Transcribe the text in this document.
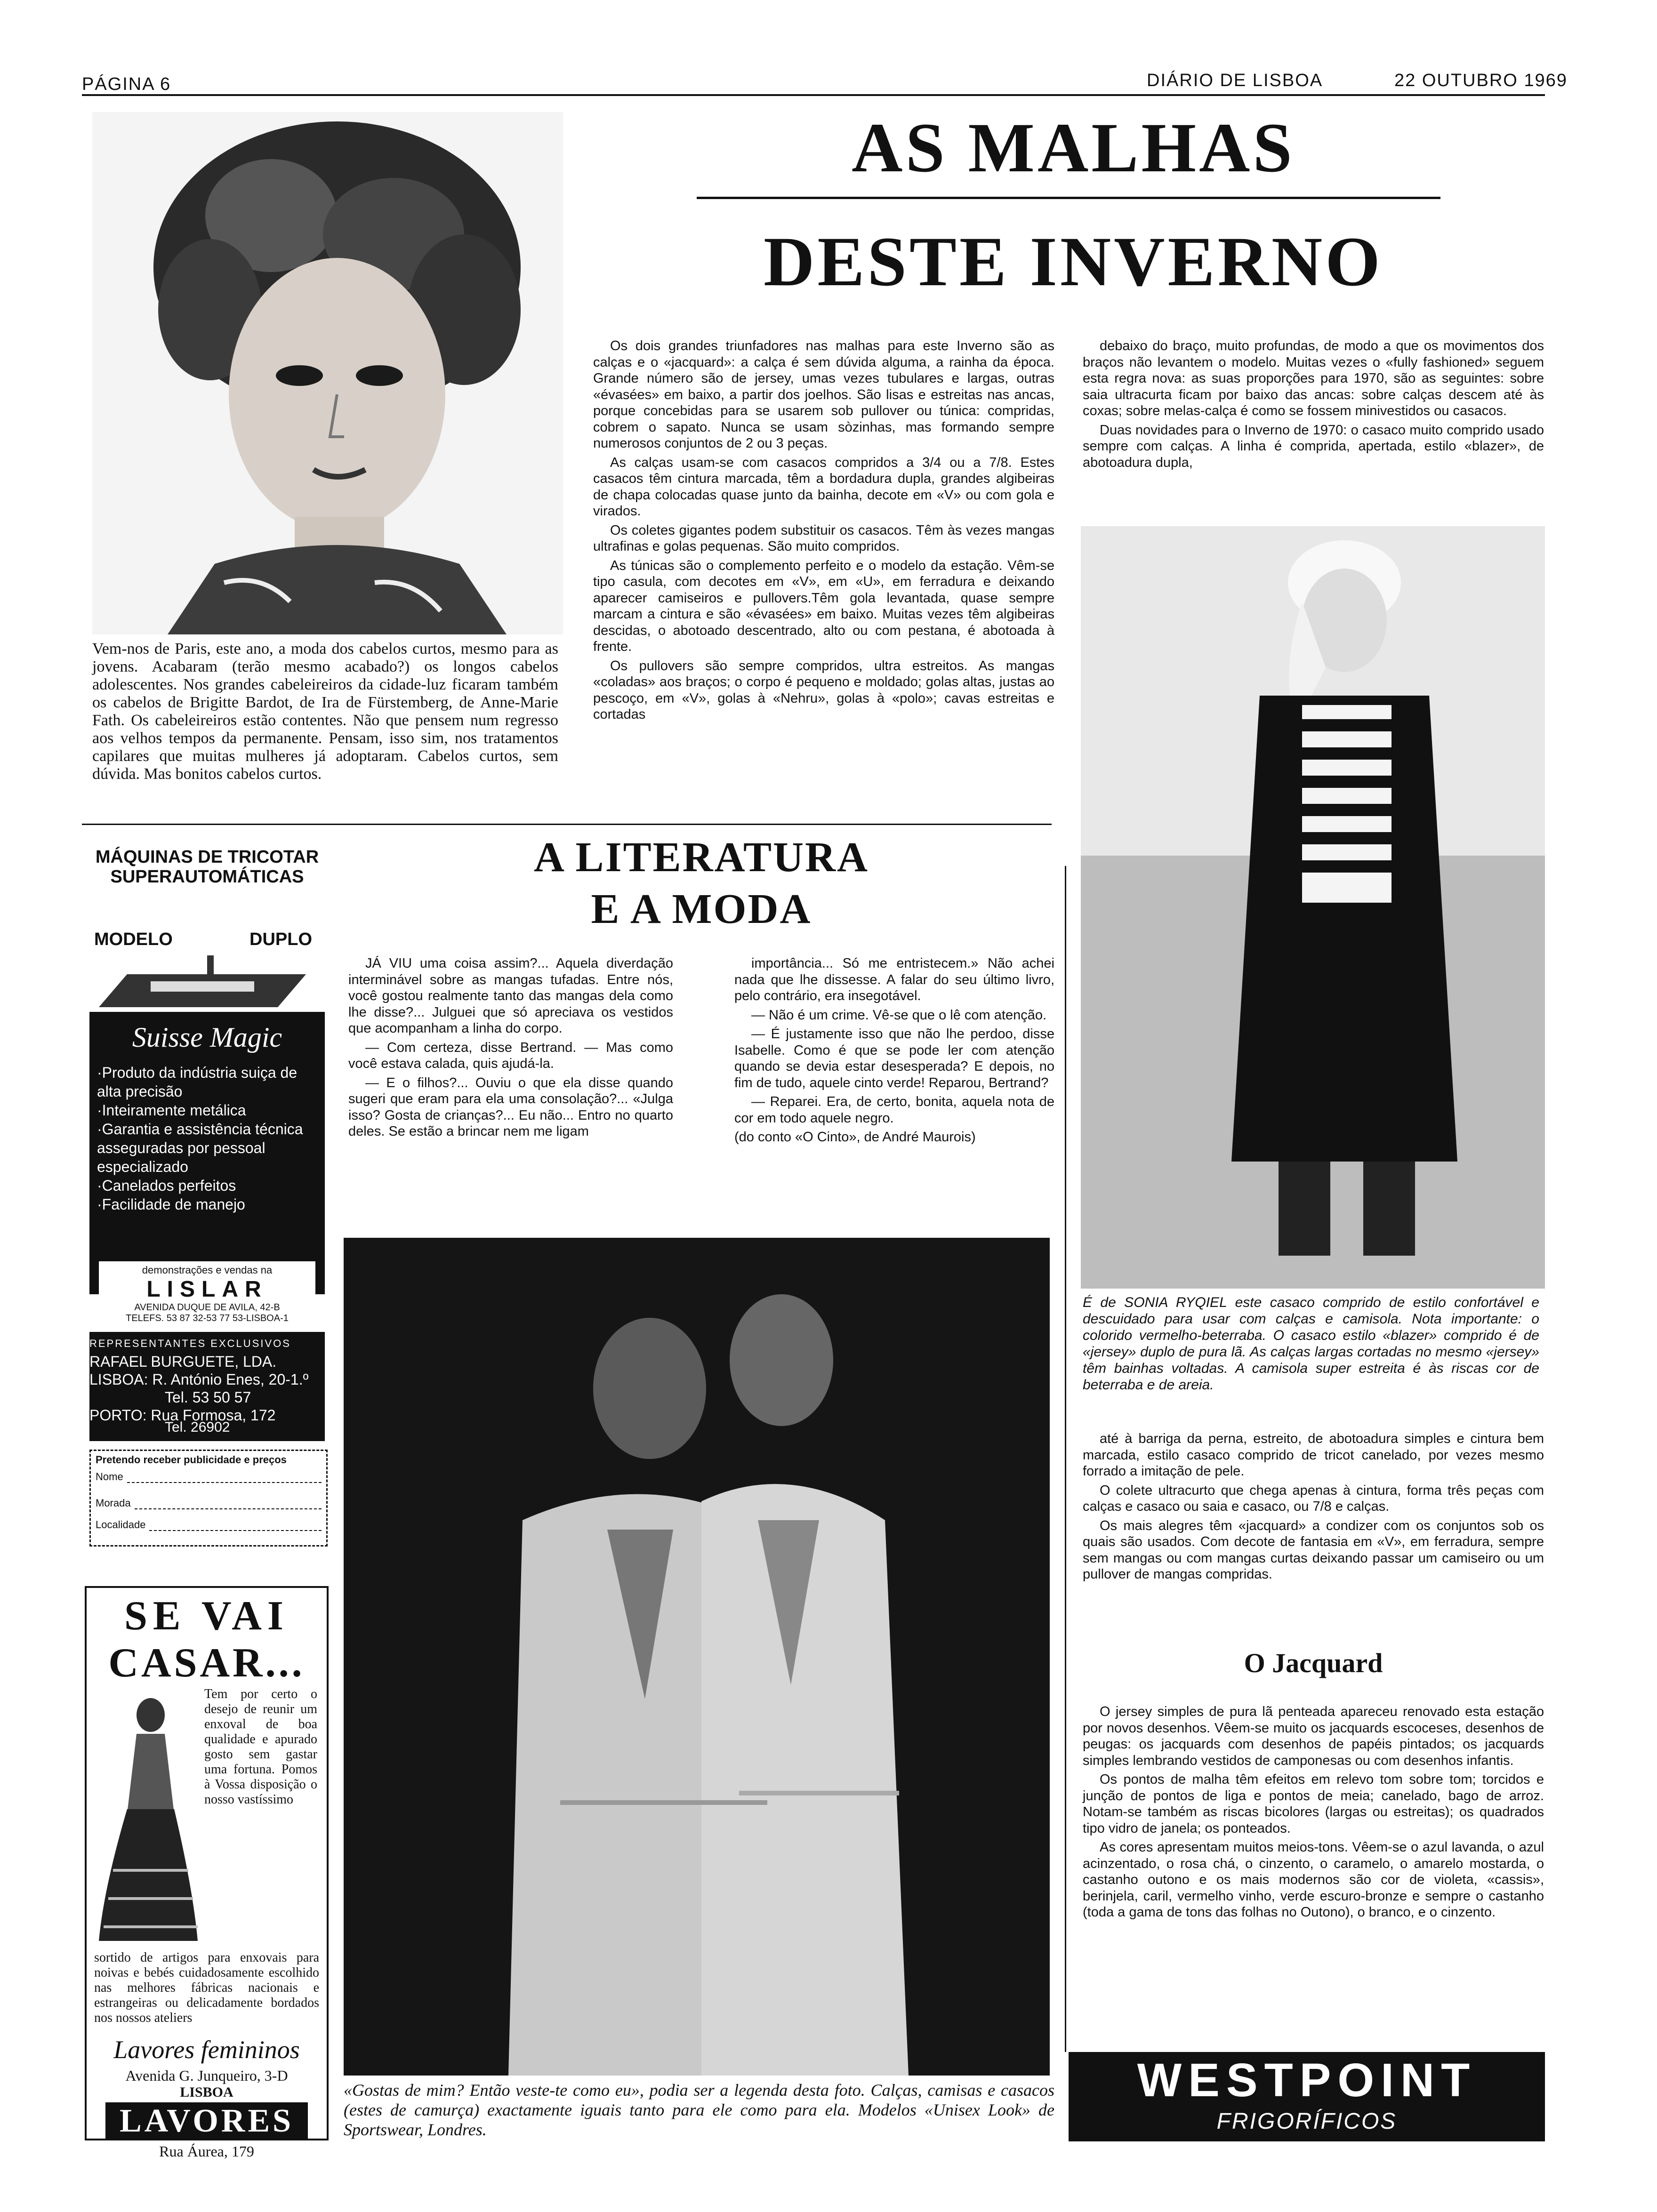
PÁGINA 6	DIÁRIO DE LISBOA	22 OUTUBRO 1969
Vem-nos de Paris, este ano, a moda dos cabelos curtos, mesmo para as jovens. Acabaram (terão mesmo acabado?) os longos cabelos adolescentes. Nos grandes cabeleireiros da cidade-luz ficaram também os cabelos de Brigitte Bardot, de Ira de Fürstemberg, de Anne-Marie Fath. Os cabeleireiros estão contentes. Não que pensem num regresso aos velhos tempos da permanente. Pensam, isso sim, nos tratamentos capilares que muitas mulheres já adoptaram. Cabelos curtos, sem dúvida. Mas bonitos cabelos curtos.
AS MALHAS
DESTE INVERNO

Os dois grandes triunfadores nas malhas para este Inverno são as calças e o «jacquard»: a calça é sem dúvida alguma, a rainha da época. Grande número são de jersey, umas vezes tubulares e largas, outras «évasées» em baixo, a partir dos joelhos. São lisas e estreitas nas ancas, porque concebidas para se usarem sob pullover ou túnica: compridas, cobrem o sapato. Nunca se usam sòzinhas, mas formando sempre numerosos conjuntos de 2 ou 3 peças.

As calças usam-se com casacos compridos a 3/4 ou a 7/8. Estes casacos têm cintura marcada, têm a bordadura dupla, grandes algibeiras de chapa colocadas quase junto da bainha, decote em «V» ou com gola e virados.

Os coletes gigantes podem substituir os casacos. Têm às vezes mangas ultrafinas e golas pequenas. São muito compridos.

As túnicas são o complemento perfeito e o modelo da estação. Vêm-se tipo casula, com decotes em «V», em «U», em ferradura e deixando aparecer camiseiros e pullovers.Têm gola levantada, quase sempre marcam a cintura e são «évasées» em baixo. Muitas vezes têm algibeiras descidas, o abotoado descentrado, alto ou com pestana, é abotoada à frente.

Os pullovers são sempre compridos, ultra estreitos. As mangas «coladas» aos braços; o corpo é pequeno e moldado; golas altas, justas ao pescoço, em «V», golas à «Nehru», golas à «polo»; cavas estreitas e cortadas

debaixo do braço, muito profundas, de modo a que os movimentos dos braços não levantem o modelo. Muitas vezes o «fully fashioned» seguem esta regra nova: as suas proporções para 1970, são as seguintes: sobre saia ultracurta ficam por baixo das ancas: sobre calças descem até às coxas; sobre melas-calça é como se fossem minivestidos ou casacos.

Duas novidades para o Inverno de 1970: o casaco muito comprido usado sempre com calças. A linha é comprida, apertada, estilo «blazer», de abotoadura dupla,

É de SONIA RYQIEL este casaco comprido de estilo confortável e descuidado para usar com calças e camisola. Nota importante: o colorido vermelho-beterraba. O casaco estilo «blazer» comprido é de «jersey» duplo de pura lã. As calças largas cortadas no mesmo «jersey» têm bainhas voltadas. A camisola super estreita é às riscas cor de beterraba e de areia.

até à barriga da perna, estreito, de abotoadura simples e cintura bem marcada, estilo casaco comprido de tricot canelado, por vezes mesmo forrado a imitação de pele.

O colete ultracurto que chega apenas à cintura, forma três peças com calças e casaco ou saia e casaco, ou 7/8 e calças.

Os mais alegres têm «jacquard» a condizer com os conjuntos sob os quais são usados. Com decote de fantasia em «V», em ferradura, sempre sem mangas ou com mangas curtas deixando passar um camiseiro ou um pullover de mangas compridas.

O Jacquard

O jersey simples de pura lã penteada apareceu renovado esta estação por novos desenhos. Vêem-se muito os jacquards escoceses, desenhos de peugas: os jacquards com desenhos de papéis pintados; os jacquards simples lembrando vestidos de camponesas ou com desenhos infantis.

Os pontos de malha têm efeitos em relevo tom sobre tom; torcidos e junção de pontos de liga e pontos de meia; canelado, bago de arroz. Notam-se também as riscas bicolores (largas ou estreitas); os quadrados tipo vidro de janela; os ponteados.

As cores apresentam muitos meios-tons. Vêem-se o azul lavanda, o azul acinzentado, o rosa chá, o cinzento, o caramelo, o amarelo mostarda, o castanho outono e os mais modernos são cor de violeta, «cassis», berinjela, caril, vermelho vinho, verde escuro-bronze e sempre o castanho (toda a gama de tons das folhas no Outono), o branco, e o cinzento.

A LITERATURA
E A MODA

JÁ VIU uma coisa assim?... Aquela diverdação interminável sobre as mangas tufadas. Entre nós, você gostou realmente tanto das mangas dela como lhe disse?... Julguei que só apreciava os vestidos que acompanham a linha do corpo.

— Com certeza, disse Bertrand. — Mas como você estava calada, quis ajudá-la.

— E o filhos?... Ouviu o que ela disse quando sugeri que eram para ela uma consolação?... «Julga isso? Gosta de crianças?... Eu não... Entro no quarto deles. Se estão a brincar nem me ligam

importância... Só me entristecem.» Não achei nada que lhe dissesse. A falar do seu último livro, pelo contrário, era insegotável.

— Não é um crime. Vê-se que o lê com atenção.

— É justamente isso que não lhe perdoo, disse Isabelle. Como é que se pode ler com atenção quando se devia estar desesperada? E depois, no fim de tudo, aquele cinto verde! Reparou, Bertrand?

— Reparei. Era, de certo, bonita, aquela nota de cor em todo aquele negro.

(do conto «O Cinto», de André Maurois)

«Gostas de mim? Então veste-te como eu», podia ser a legenda desta foto. Calças, camisas e casacos (estes de camurça) exactamente iguais tanto para ele como para ela. Modelos «Unisex Look» de Sportswear, Londres.
MÁQUINAS DE TRICOTAR
SUPERAUTOMÁTICAS
MODELO	DUPLO
Suisse Magic
·Produto da indústria suiça de alta precisão
·Inteiramente metálica
·Garantia e assistência técnica asseguradas por pessoal especializado
·Canelados perfeitos
·Facilidade de manejo
demonstrações e vendas na
LISLAR
AVENIDA DUQUE DE AVILA, 42-B
TELEFS. 53 87 32-53 77 53-LISBOA-1
REPRESENTANTES EXCLUSIVOS
RAFAEL BURGUETE, LDA.
LISBOA: R. António Enes, 20-1.º
Tel. 53 50 57
PORTO: Rua Formosa, 172
Tel. 26902
Pretendo receber publicidade e preços
Nome
Morada
Localidade
SE VAI
CASAR...
Tem por certo o desejo de reunir um enxoval de boa qualidade e apurado gosto sem gastar uma fortuna. Pomos à Vossa disposição o nosso vastíssimo
sortido de artigos para enxovais para noivas e bebés cuidadosamente escolhido nas melhores fábricas nacionais e estrangeiras ou delicadamente bordados nos nossos ateliers
Lavores femininos
Avenida G. Junqueiro, 3-D
LISBOA
LAVORES
Rua Áurea, 179
WESTPOINT
FRIGORÍFICOS
